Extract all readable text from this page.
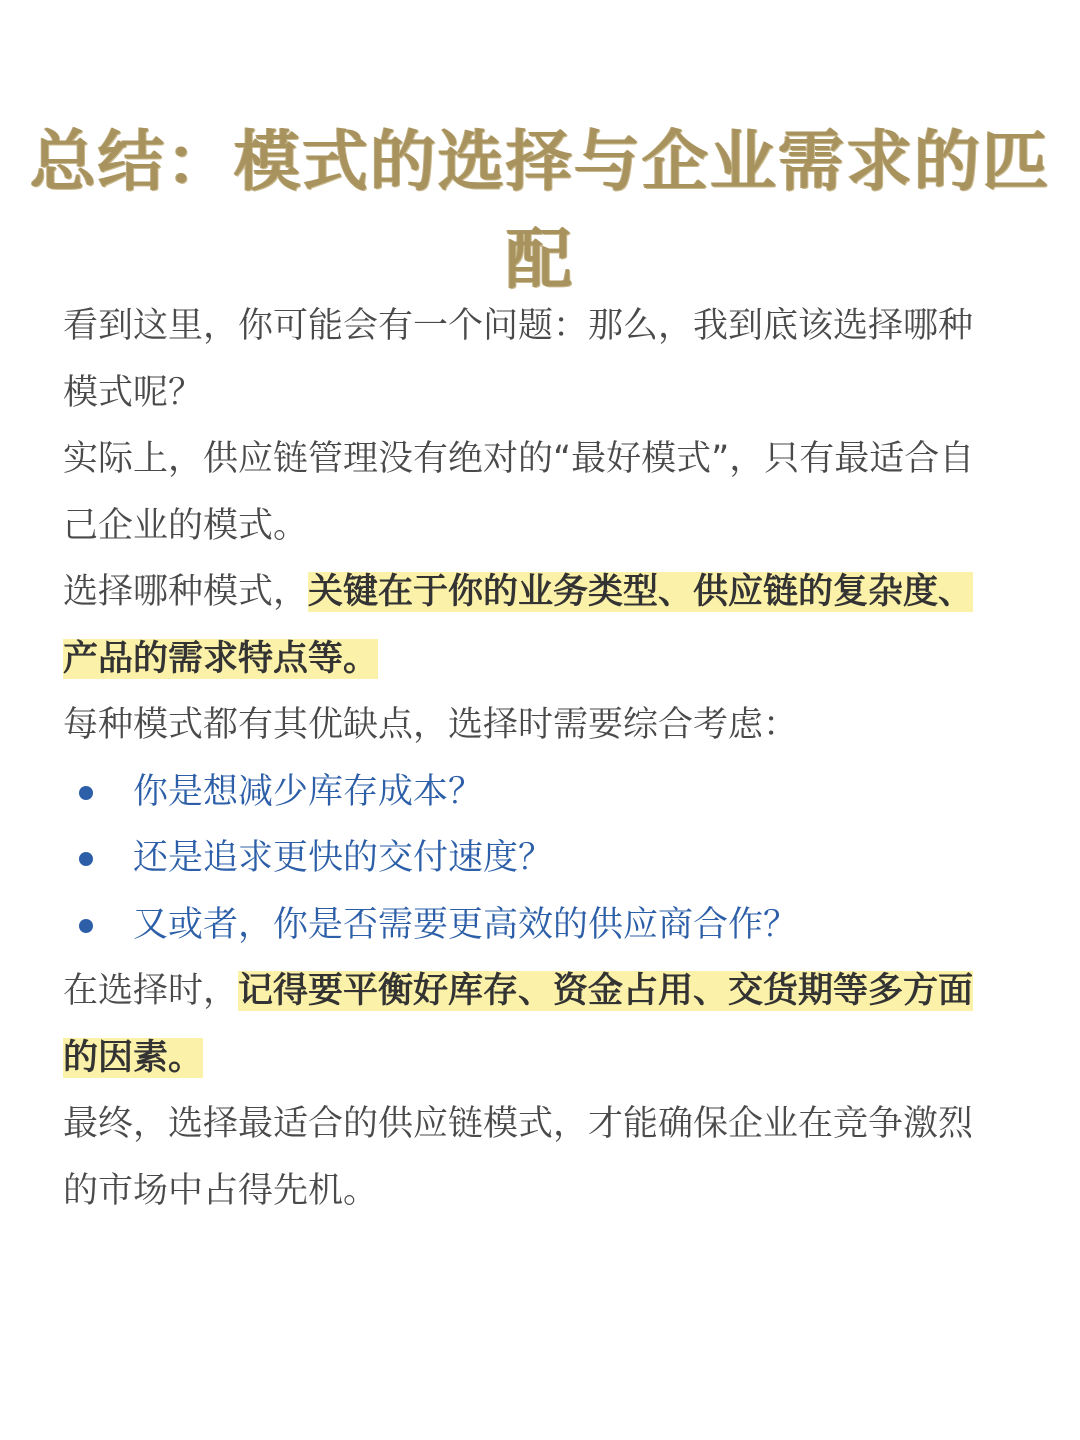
总结：模式的选择与企业需求的匹配

看到这里，你可能会有一个问题：那么，我到底该选择哪种模式呢？

实际上，供应链管理没有绝对的“最好模式”，只有最适合自己企业的模式。

选择哪种模式，关键在于你的业务类型、供应链的复杂度、产品的需求特点等。

每种模式都有其优缺点，选择时需要综合考虑：

你是想减少库存成本？
还是追求更快的交付速度？
又或者，你是否需要更高效的供应商合作？

在选择时，记得要平衡好库存、资金占用、交货期等多方面的因素。

最终，选择最适合的供应链模式，才能确保企业在竞争激烈的市场中占得先机。
